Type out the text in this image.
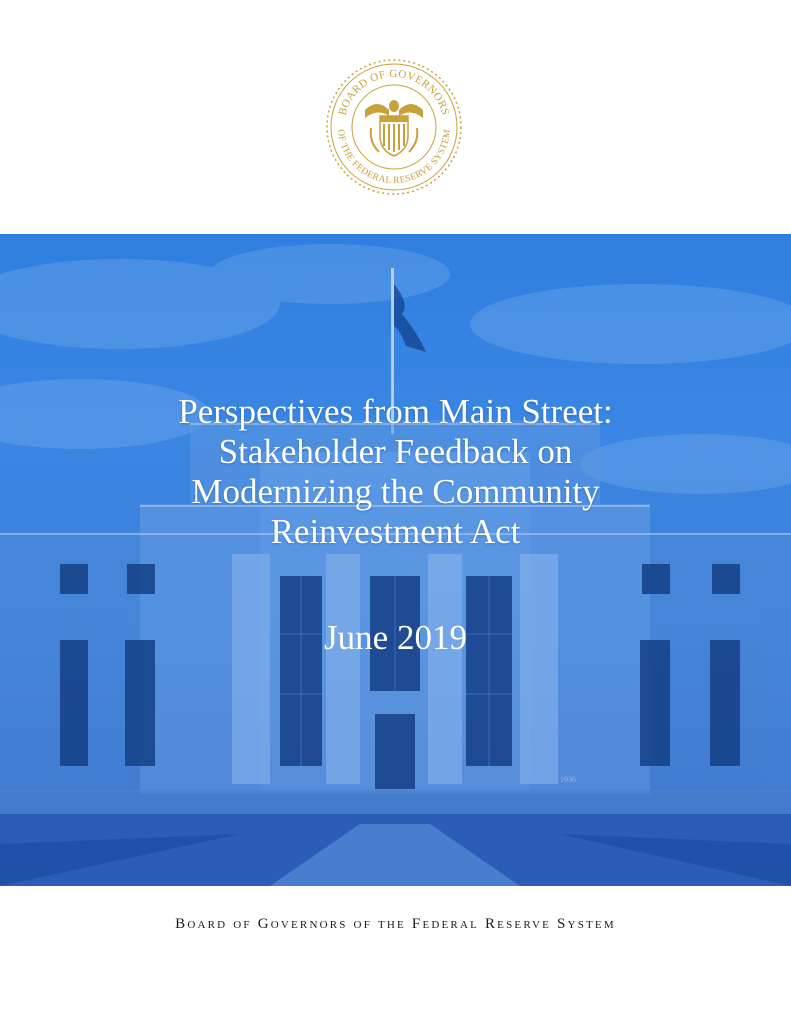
BOARD OF GOVERNORS
OF THE FEDERAL RESERVE SYSTEM
1936
Perspectives from Main Street:
Stakeholder Feedback on
Modernizing the Community
Reinvestment Act
June 2019
Board of Governors of the Federal Reserve System
